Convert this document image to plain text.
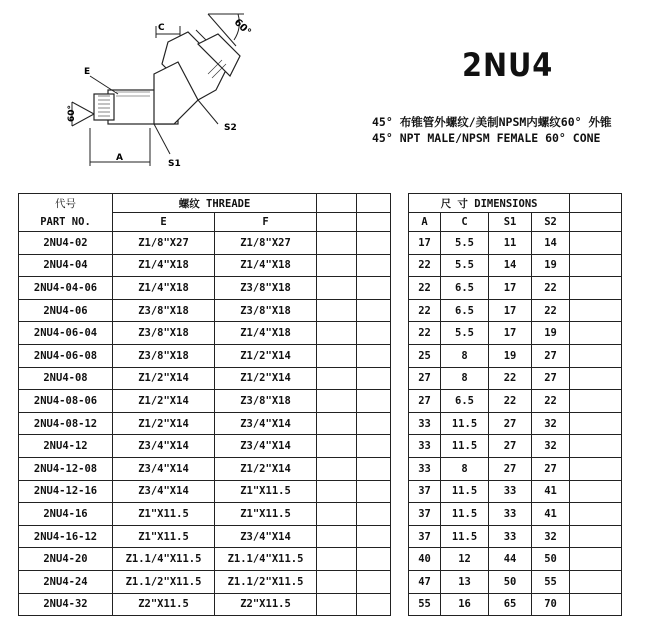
60°
C
E
60°
A
S1
S2
2NU4
45° 布锥管外螺纹/美制NPSM内螺纹60° 外锥
45° NPT MALE/NPSM FEMALE 60° CONE
代号	螺纹 THREADE					尺 寸 DIMENSIONS				
PART NO.	E	F				A	C	S1	S2	
2NU4-02	Z1/8"X27	Z1/8"X27				17	5.5	11	14	
2NU4-04	Z1/4"X18	Z1/4"X18				22	5.5	14	19	
2NU4-04-06	Z1/4"X18	Z3/8"X18				22	6.5	17	22	
2NU4-06	Z3/8"X18	Z3/8"X18				22	6.5	17	22	
2NU4-06-04	Z3/8"X18	Z1/4"X18				22	5.5	17	19	
2NU4-06-08	Z3/8"X18	Z1/2"X14				25	8	19	27	
2NU4-08	Z1/2"X14	Z1/2"X14				27	8	22	27	
2NU4-08-06	Z1/2"X14	Z3/8"X18				27	6.5	22	22	
2NU4-08-12	Z1/2"X14	Z3/4"X14				33	11.5	27	32	
2NU4-12	Z3/4"X14	Z3/4"X14				33	11.5	27	32	
2NU4-12-08	Z3/4"X14	Z1/2"X14				33	8	27	27	
2NU4-12-16	Z3/4"X14	Z1"X11.5				37	11.5	33	41	
2NU4-16	Z1"X11.5	Z1"X11.5				37	11.5	33	41	
2NU4-16-12	Z1"X11.5	Z3/4"X14				37	11.5	33	32	
2NU4-20	Z1.1/4"X11.5	Z1.1/4"X11.5				40	12	44	50	
2NU4-24	Z1.1/2"X11.5	Z1.1/2"X11.5				47	13	50	55	
2NU4-32	Z2"X11.5	Z2"X11.5				55	16	65	70	
